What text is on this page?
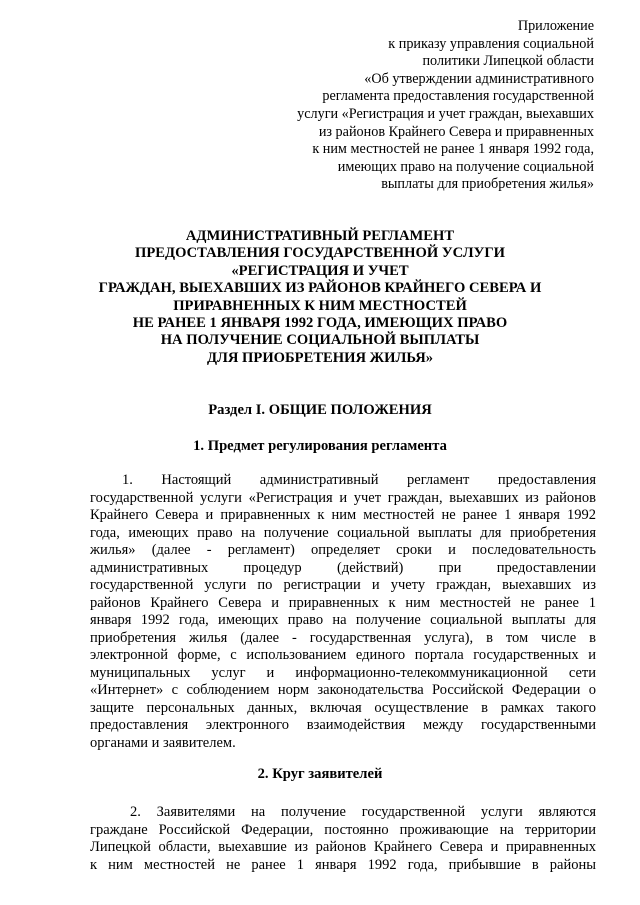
Приложение
к приказу управления социальной
политики Липецкой области
«Об утверждении административного
регламента предоставления государственной
услуги «Регистрация и учет граждан, выехавших
из районов Крайнего Севера и приравненных
к ним местностей не ранее 1 января 1992 года,
имеющих право на получение социальной
выплаты для приобретения жилья»
АДМИНИСТРАТИВНЫЙ РЕГЛАМЕНТ
ПРЕДОСТАВЛЕНИЯ ГОСУДАРСТВЕННОЙ УСЛУГИ
«РЕГИСТРАЦИЯ И УЧЕТ
ГРАЖДАН, ВЫЕХАВШИХ ИЗ РАЙОНОВ КРАЙНЕГО СЕВЕРА И
ПРИРАВНЕННЫХ К НИМ МЕСТНОСТЕЙ
НЕ РАНЕЕ 1 ЯНВАРЯ 1992 ГОДА, ИМЕЮЩИХ ПРАВО
НА ПОЛУЧЕНИЕ СОЦИАЛЬНОЙ ВЫПЛАТЫ
ДЛЯ ПРИОБРЕТЕНИЯ ЖИЛЬЯ»
Раздел I. ОБЩИЕ ПОЛОЖЕНИЯ
1. Предмет регулирования регламента
1. Настоящий административный регламент предоставления
государственной услуги «Регистрация и учет граждан, выехавших из районов
Крайнего Севера и приравненных к ним местностей не ранее 1 января 1992
года, имеющих право на получение социальной выплаты для приобретения
жилья» (далее - регламент) определяет сроки и последовательность
административных процедур (действий) при предоставлении
государственной услуги по регистрации и учету граждан, выехавших из
районов Крайнего Севера и приравненных к ним местностей не ранее 1
января 1992 года, имеющих право на получение социальной выплаты для
приобретения жилья (далее - государственная услуга), в том числе в
электронной форме, с использованием единого портала государственных и
муниципальных услуг и информационно-телекоммуникационной сети
«Интернет» с соблюдением норм законодательства Российской Федерации о
защите персональных данных, включая осуществление в рамках такого
предоставления электронного взаимодействия между государственными
органами и заявителем.
2. Круг заявителей
2. Заявителями на получение государственной услуги являются
граждане Российской Федерации, постоянно проживающие на территории
Липецкой области, выехавшие из районов Крайнего Севера и приравненных
к ним местностей не ранее 1 января 1992 года, прибывшие в районы
